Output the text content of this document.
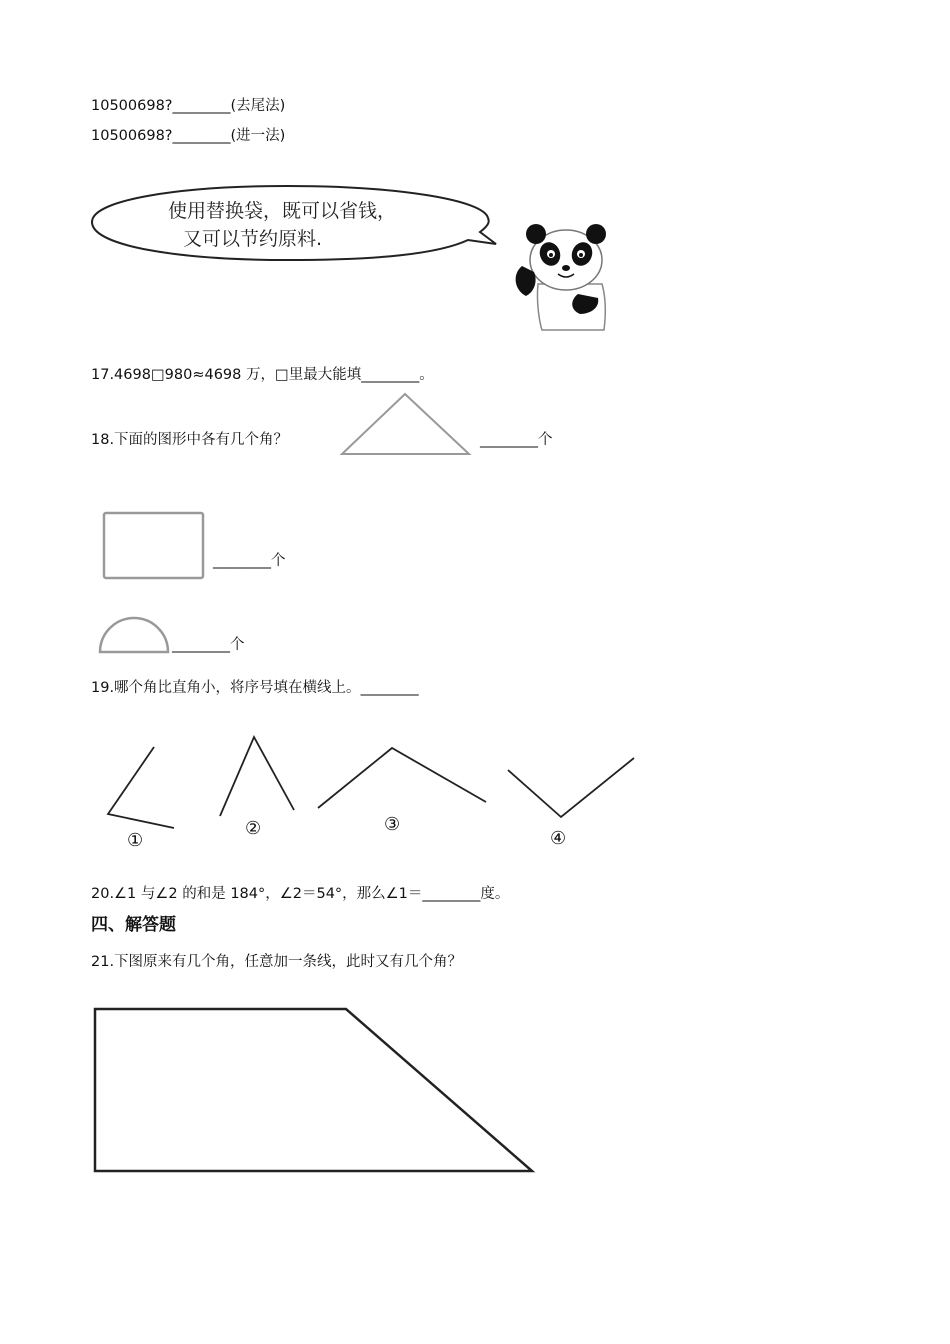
10500698?________(去尾法)
10500698?________(进一法)
使用替换袋，既可以省钱，
又可以节约原料.
17.4698□980≈4698 万，□里最大能填________。
18.下面的图形中各有几个角？	________个
________个
________个
19.哪个角比直角小，将序号填在横线上。________
①
②	③
④
20.∠1 与∠2 的和是 184°，∠2＝54°，那么∠1＝________度。
四、解答题
21.下图原来有几个角，任意加一条线，此时又有几个角？
